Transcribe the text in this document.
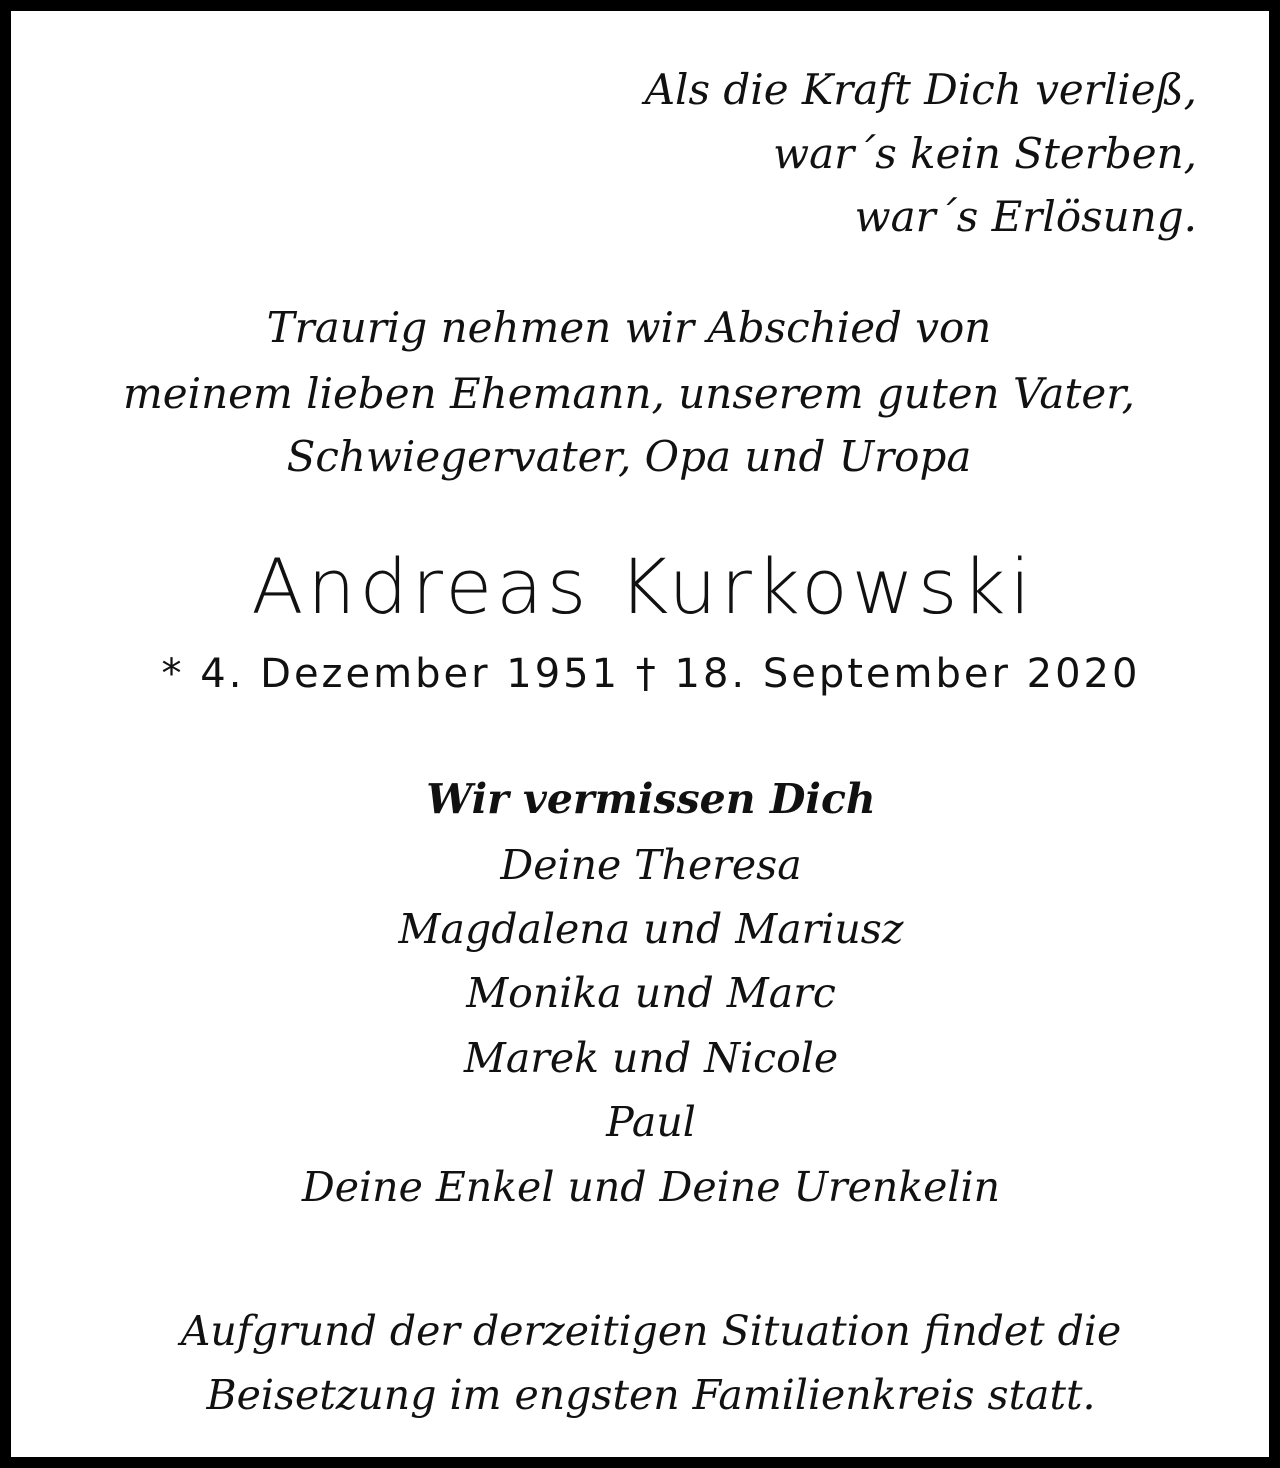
Als die Kraft Dich verließ,
war´s kein Sterben,
war´s Erlösung.
Traurig nehmen wir Abschied von
meinem lieben Ehemann, unserem guten Vater,
Schwiegervater, Opa und Uropa
Andreas Kurkowski
* 4. Dezember 1951 † 18. September 2020
Wir vermissen Dich
Deine Theresa
Magdalena und Mariusz
Monika und Marc
Marek und Nicole
Paul
Deine Enkel und Deine Urenkelin
Aufgrund der derzeitigen Situation findet die
Beisetzung im engsten Familienkreis statt.
